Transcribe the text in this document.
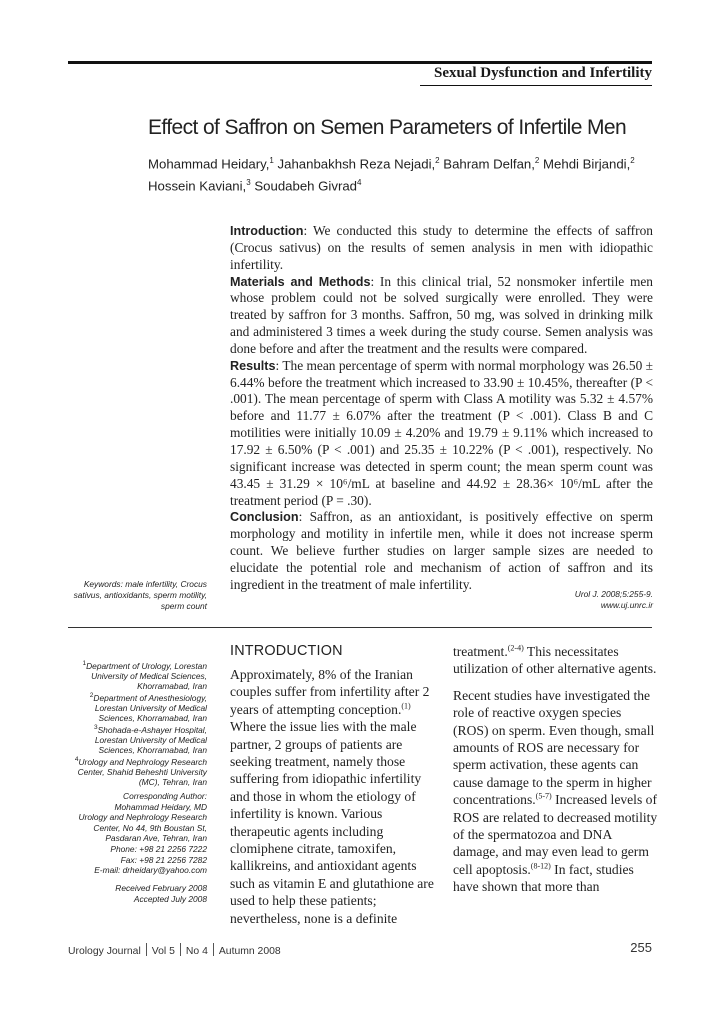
Sexual Dysfunction and Infertility
Effect of Saffron on Semen Parameters of Infertile Men
Mohammad Heidary,$^1$ Jahanbakhsh Reza Nejadi,$^2$ Bahram Delfan,$^2$ Mehdi Birjandi,$^2$
Hossein Kaviani,$^3$ Soudabeh Givrad$^4$

Introduction: We conducted this study to determine the effects of saffron (Crocus sativus) on the results of semen analysis in men with idiopathic infertility.

Materials and Methods: In this clinical trial, 52 nonsmoker infertile men whose problem could not be solved surgically were enrolled. They were treated by saffron for 3 months. Saffron, 50 mg, was solved in drinking milk and administered 3 times a week during the study course. Semen analysis was done before and after the treatment and the results were compared.

Results: The mean percentage of sperm with normal morphology was 26.50 ± 6.44% before the treatment which increased to 33.90 ± 10.45%, thereafter (P < .001). The mean percentage of sperm with Class A motility was 5.32 ± 4.57% before and 11.77 ± 6.07% after the treatment (P < .001). Class B and C motilities were initially 10.09 ± 4.20% and 19.79 ± 9.11% which increased to 17.92 ± 6.50% (P < .001) and 25.35 ± 10.22% (P < .001), respectively. No significant increase was detected in sperm count; the mean sperm count was 43.45 ± 31.29 × 10⁶/mL at baseline and 44.92 ± 28.36× 10⁶/mL after the treatment period (P = .30).

Conclusion: Saffron, as an antioxidant, is positively effective on sperm morphology and motility in infertile men, while it does not increase sperm count. We believe further studies on larger sample sizes are needed to elucidate the potential role and mechanism of action of saffron and its ingredient in the treatment of male infertility.

Keywords: male infertility, Crocus sativus, antioxidants, sperm motility, sperm count
Urol J. 2008;5:255-9.
www.uj.unrc.ir
$^1$Department of Urology, Lorestan University of Medical Sciences, Khorramabad, Iran
$^2$Department of Anesthesiology, Lorestan University of Medical Sciences, Khorramabad, Iran
$^3$Shohada-e-Ashayer Hospital, Lorestan University of Medical Sciences, Khorramabad, Iran
$^4$Urology and Nephrology Research Center, Shahid Beheshti University (MC), Tehran, Iran
Corresponding Author:
Mohammad Heidary, MD
Urology and Nephrology Research
Center, No 44, 9th Boustan St,
Pasdaran Ave, Tehran, Iran
Phone: +98 21 2256 7222
Fax: +98 21 2256 7282
E-mail: drheidary@yahoo.com
Received February 2008
Accepted July 2008
INTRODUCTION

Approximately, 8% of the Iranian couples suffer from infertility after 2 years of attempting conception.$^{(1)}$ Where the issue lies with the male partner, 2 groups of patients are seeking treatment, namely those suffering from idiopathic infertility and those in whom the etiology of infertility is known. Various therapeutic agents including clomiphene citrate, tamoxifen, kallikreins, and antioxidant agents such as vitamin E and glutathione are used to help these patients; nevertheless, none is a definite

treatment.$^{(2-4)}$ This necessitates utilization of other alternative agents.

Recent studies have investigated the role of reactive oxygen species (ROS) on sperm. Even though, small amounts of ROS are necessary for sperm activation, these agents can cause damage to the sperm in higher concentrations.$^{(5-7)}$ Increased levels of ROS are related to decreased motility of the spermatozoa and DNA damage, and may even lead to germ cell apoptosis.$^{(8-12)}$ In fact, studies have shown that more than

Urology Journal Vol 5 No 4 Autumn 2008	255
